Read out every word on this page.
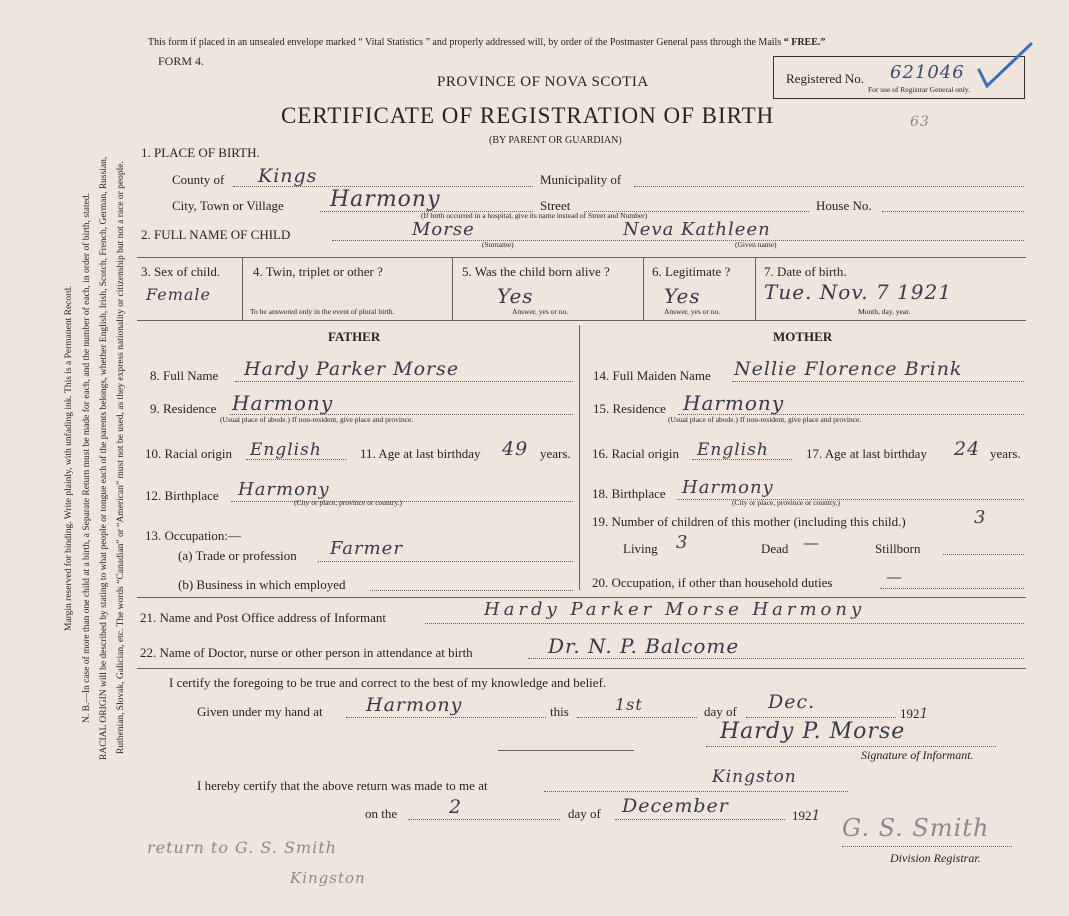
Margin reserved for binding. Write plainly, with unfading ink. This is a Permanent Record. N. B.—In case of more than one child at a birth, a Separate Return must be made for each, and the number of each, in order of birth, stated. RACIAL ORIGIN will be described by stating to what people or tongue each of the parents belongs, whether English, Irish, Scotch, French, German, Russian, Ruthenian, Slovak, Galician, etc. The words “Canadian” or “American” must not be used, as they express nationality or citizenship but not a race or people.
This form if placed in an unsealed envelope marked “ Vital Statistics ” and properly addressed will, by order of the Postmaster General pass through the Mails “ FREE.”
FORM 4.
PROVINCE OF NOVA SCOTIA
CERTIFICATE OF REGISTRATION OF BIRTH
(BY PARENT OR GUARDIAN)
63
Registered No. 621046
For use of Registrar General only.
1. PLACE OF BIRTH.
County of Kings	Municipality of
City, Town or Village Harmony	Street	House No.
(If birth occurred in a hospital, give its name instead of Street and Number)
2. FULL NAME OF CHILD	Morse
(Surname)
Neva Kathleen
(Given name)
3. Sex of child.
Female
4. Twin, triplet or other ?
To be answered only in the event of plural birth.
5. Was the child born alive ?
Yes
Answer, yes or no.
6. Legitimate ?
Yes
Answer, yes or no.
7. Date of birth.
Tue. Nov. 7 1921
Month, day, year.
FATHER	MOTHER
8. Full Name Hardy Parker Morse
9. Residence Harmony
(Usual place of abode.) If non-resident, give place and province.
10. Racial origin English	11. Age at last birthday 49 years.
12. Birthplace Harmony
(City or place, province or country.)
13. Occupation:—
(a) Trade or profession Farmer
(b) Business in which employed
14. Full Maiden Name Nellie Florence Brink
15. Residence Harmony
(Usual place of abode.) If non-resident, give place and province.
16. Racial origin English	17. Age at last birthday 24 years.
18. Birthplace Harmony
(City or place, province or country.)
19. Number of children of this mother (including this child.)	3
Living 3	Dead —	Stillborn
20. Occupation, if other than household duties	—
21. Name and Post Office address of Informant	Hardy Parker Morse Harmony
22. Name of Doctor, nurse or other person in attendance at birth	Dr. N. P. Balcome
I certify the foregoing to be true and correct to the best of my knowledge and belief.
Given under my hand at Harmony	this	1st	day of Dec.
1921
Hardy P. Morse
Signature of Informant.
I hereby certify that the above return was made to me at	Kingston
on the	2	day of December	1921 G. S. Smith
Division Registrar.
return to G. S. Smith
Kingston
